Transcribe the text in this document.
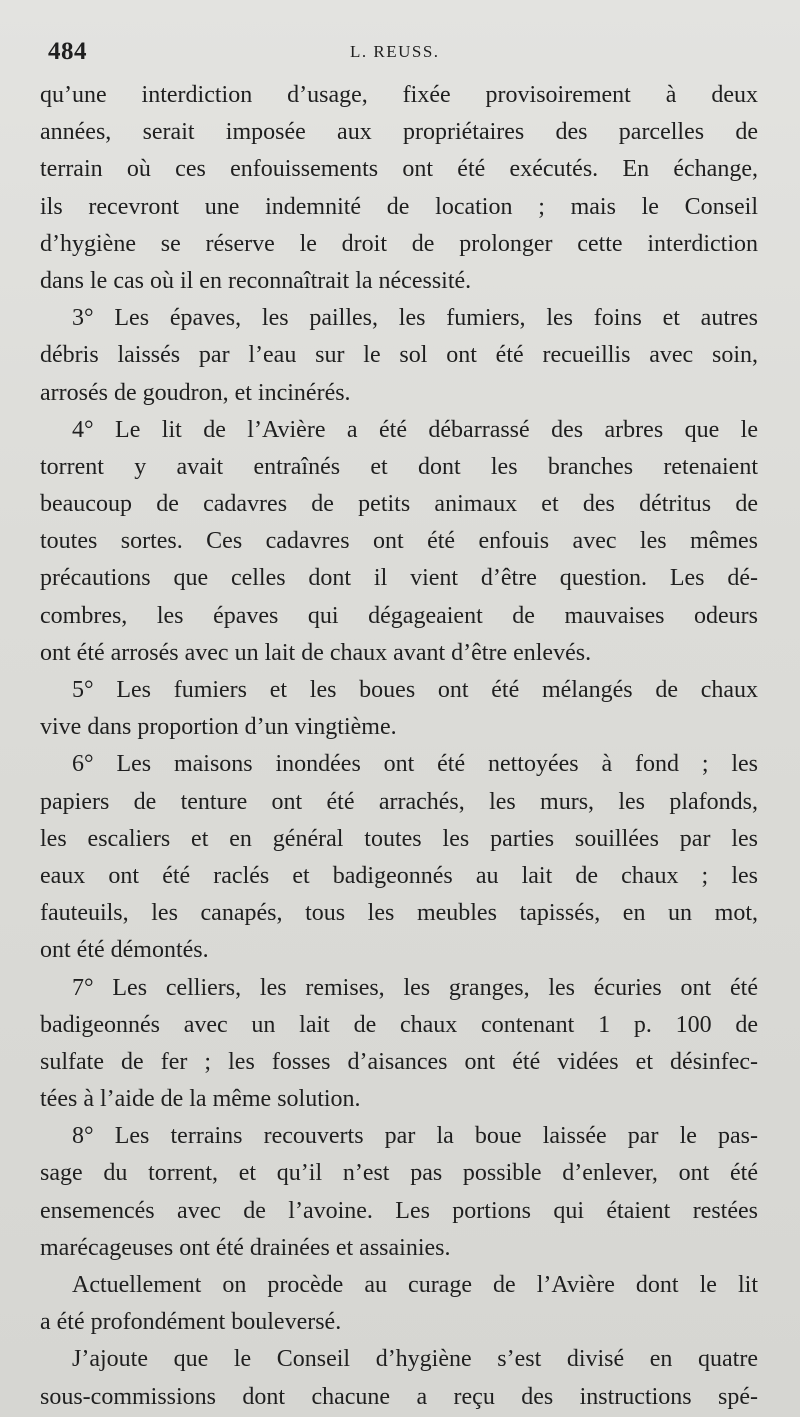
484	L. REUSS.
qu’une interdiction d’usage, fixée provisoirement à deux
années, serait imposée aux propriétaires des parcelles de
terrain où ces enfouissements ont été exécutés. En échange,
ils recevront une indemnité de location ; mais le Conseil
d’hygiène se réserve le droit de prolonger cette interdiction
dans le cas où il en reconnaîtrait la nécessité.
3° Les épaves, les pailles, les fumiers, les foins et autres
débris laissés par l’eau sur le sol ont été recueillis avec soin,
arrosés de goudron, et incinérés.
4° Le lit de l’Avière a été débarrassé des arbres que le
torrent y avait entraînés et dont les branches retenaient
beaucoup de cadavres de petits animaux et des détritus de
toutes sortes. Ces cadavres ont été enfouis avec les mêmes
précautions que celles dont il vient d’être question. Les dé-
combres, les épaves qui dégageaient de mauvaises odeurs
ont été arrosés avec un lait de chaux avant d’être enlevés.
5° Les fumiers et les boues ont été mélangés de chaux
vive dans proportion d’un vingtième.
6° Les maisons inondées ont été nettoyées à fond ; les
papiers de tenture ont été arrachés, les murs, les plafonds,
les escaliers et en général toutes les parties souillées par les
eaux ont été raclés et badigeonnés au lait de chaux ; les
fauteuils, les canapés, tous les meubles tapissés, en un mot,
ont été démontés.
7° Les celliers, les remises, les granges, les écuries ont été
badigeonnés avec un lait de chaux contenant 1 p. 100 de
sulfate de fer ; les fosses d’aisances ont été vidées et désinfec-
tées à l’aide de la même solution.
8° Les terrains recouverts par la boue laissée par le pas-
sage du torrent, et qu’il n’est pas possible d’enlever, ont été
ensemencés avec de l’avoine. Les portions qui étaient restées
marécageuses ont été drainées et assainies.
Actuellement on procède au curage de l’Avière dont le lit
a été profondément bouleversé.
J’ajoute que le Conseil d’hygiène s’est divisé en quatre
sous-commissions dont chacune a reçu des instructions spé-
